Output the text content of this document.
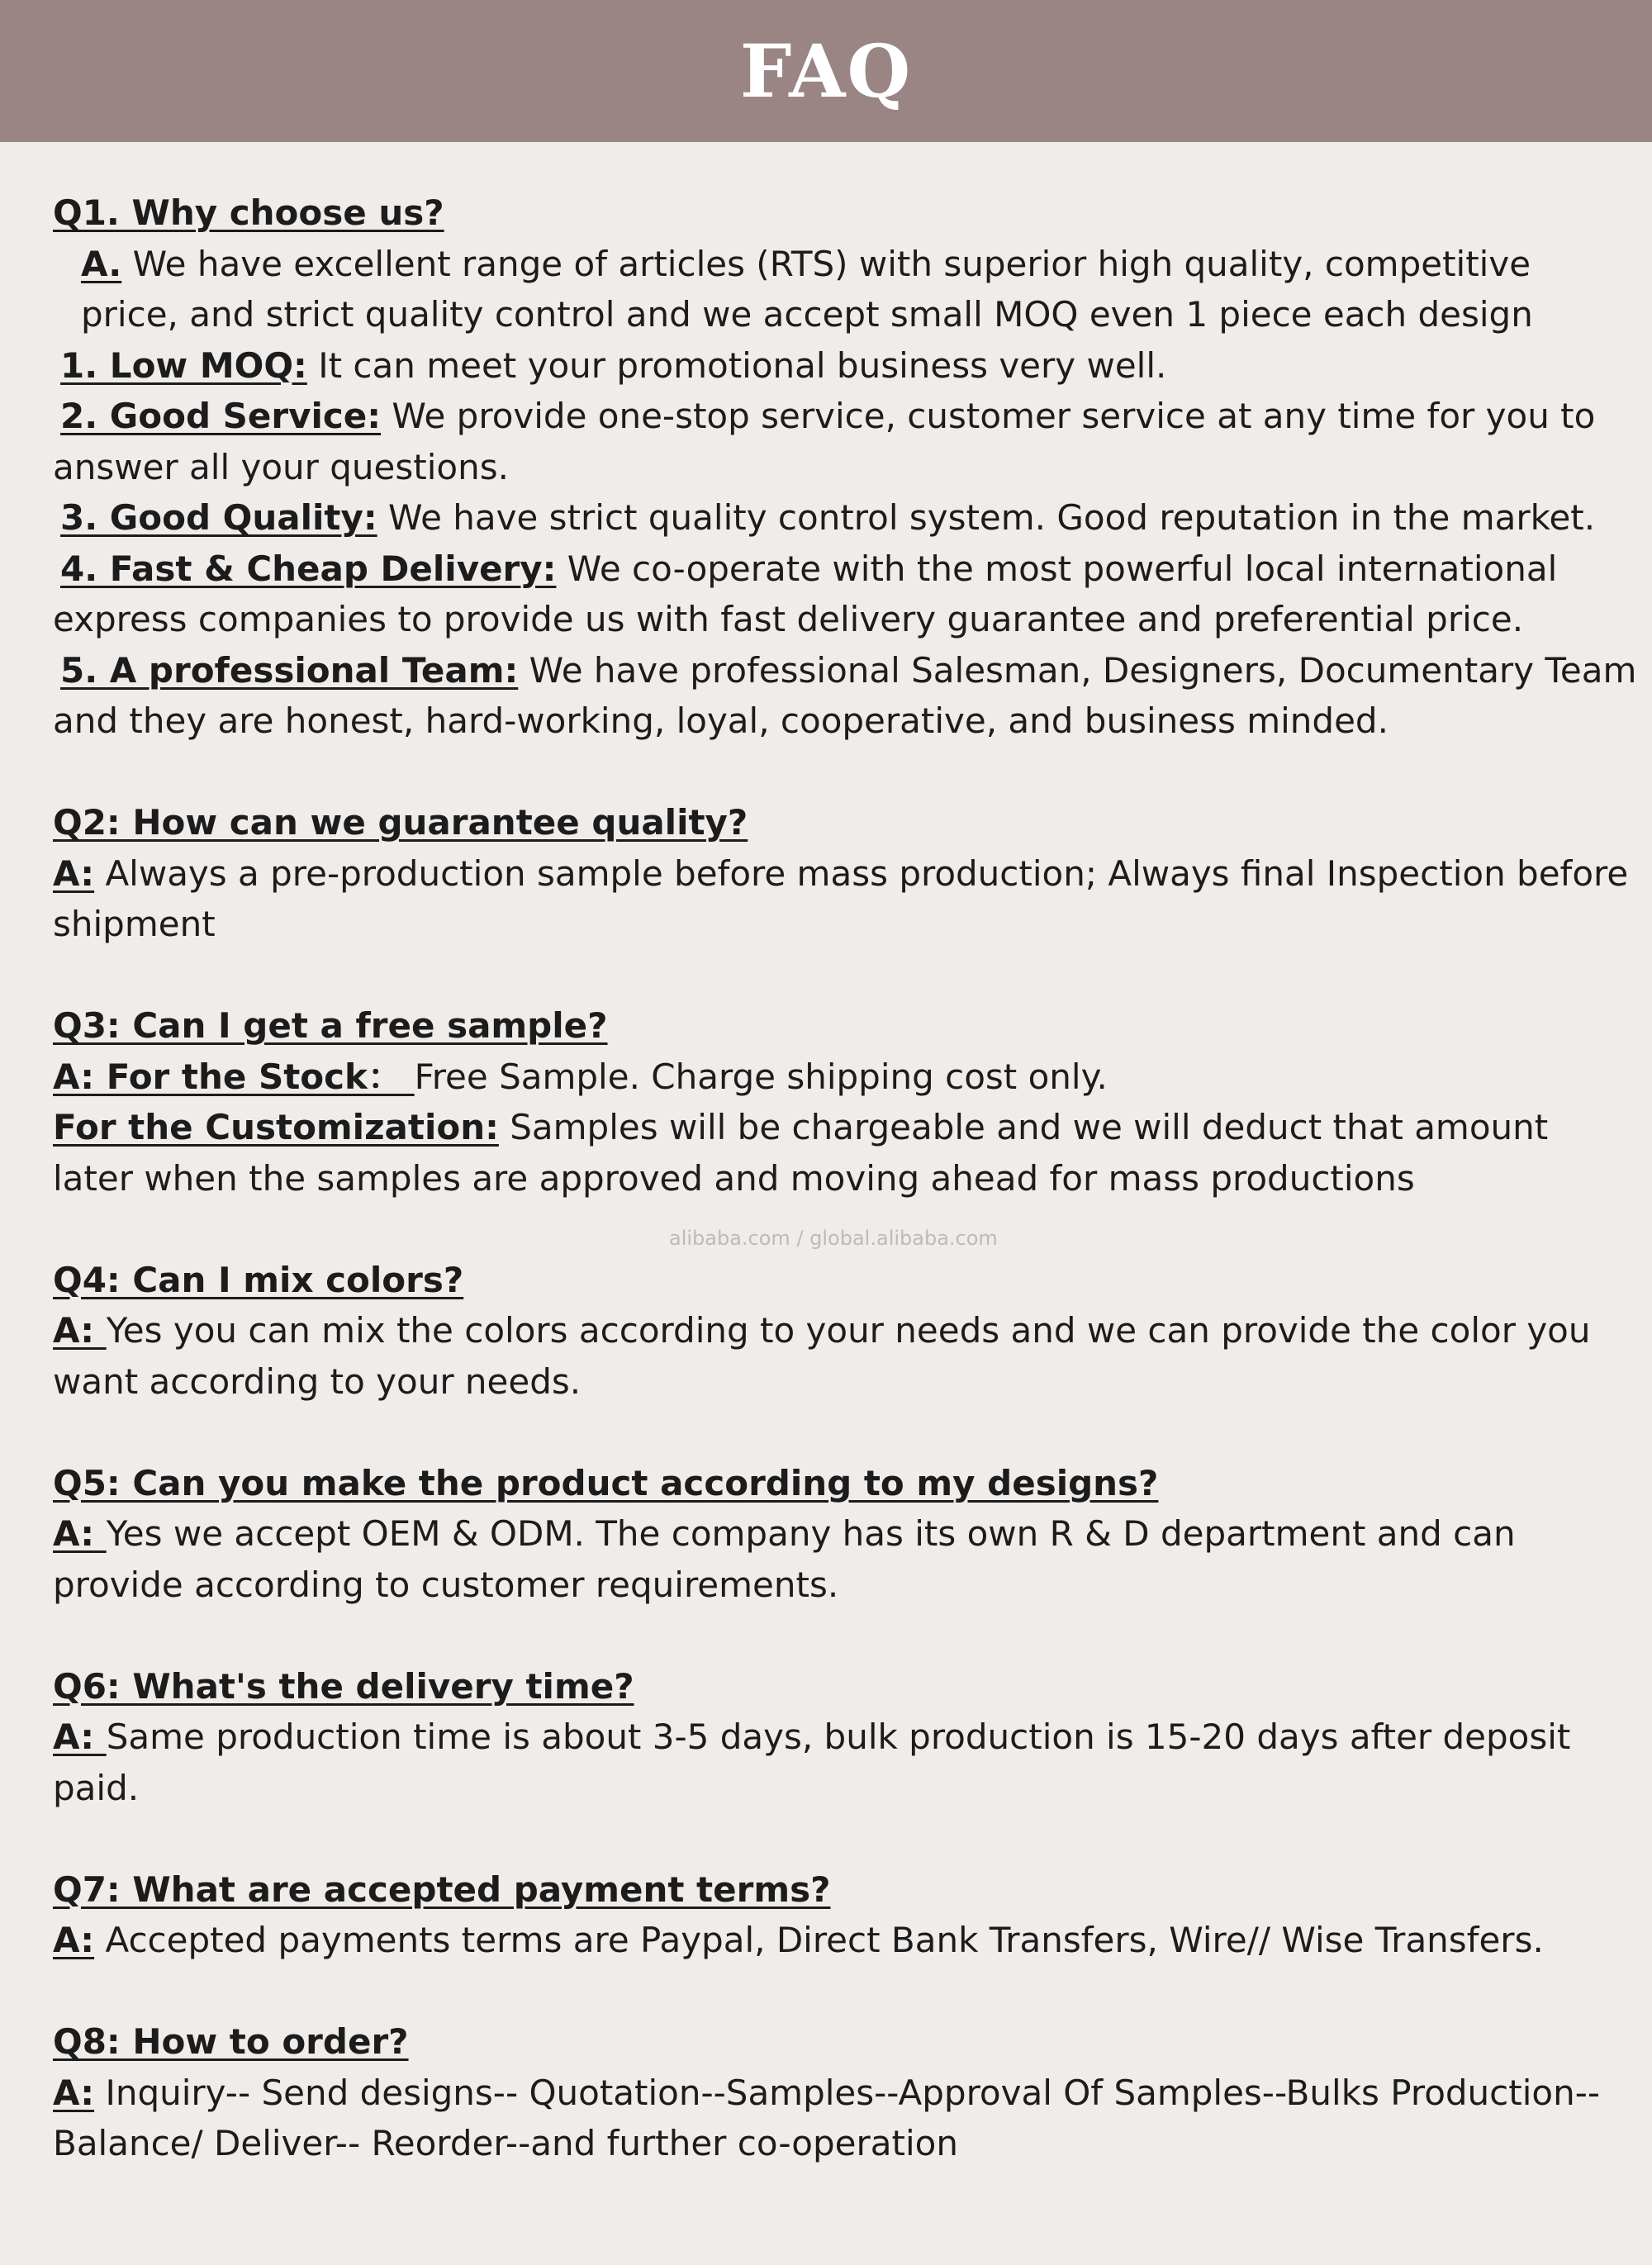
FAQ

Q1. Why choose us?

A. We have excellent range of articles (RTS) with superior high quality, competitive price, and strict quality control and we accept small MOQ even 1 piece each design

1. Low MOQ: It can meet your promotional business very well.

2. Good Service: We provide one-stop service, customer service at any time for you to answer all your questions.

3. Good Quality: We have strict quality control system. Good reputation in the market.

4. Fast & Cheap Delivery: We co-operate with the most powerful local international express companies to provide us with fast delivery guarantee and preferential price.

5. A professional Team: We have professional Salesman, Designers, Documentary Team and they are honest, hard-working, loyal, cooperative, and business minded.

Q2: How can we guarantee quality?

A: Always a pre-production sample before mass production; Always final Inspection before shipment

Q3: Can I get a free sample?

A: For the Stock： Free Sample. Charge shipping cost only.

For the Customization: Samples will be chargeable and we will deduct that amount later when the samples are approved and moving ahead for mass productions

Q4: Can I mix colors?

A: Yes you can mix the colors according to your needs and we can provide the color you want according to your needs.

Q5: Can you make the product according to my designs?

A: Yes we accept OEM & ODM. The company has its own R & D department and can provide according to customer requirements.

Q6: What's the delivery time?

A: Same production time is about 3-5 days, bulk production is 15-20 days after deposit paid.

Q7: What are accepted payment terms?

A: Accepted payments terms are Paypal, Direct Bank Transfers, Wire// Wise Transfers.

Q8: How to order?

A: Inquiry-- Send designs-- Quotation--Samples--Approval Of Samples--Bulks Production--Balance/ Deliver-- Reorder--and further co-operation

alibaba.com / global.alibaba.com
